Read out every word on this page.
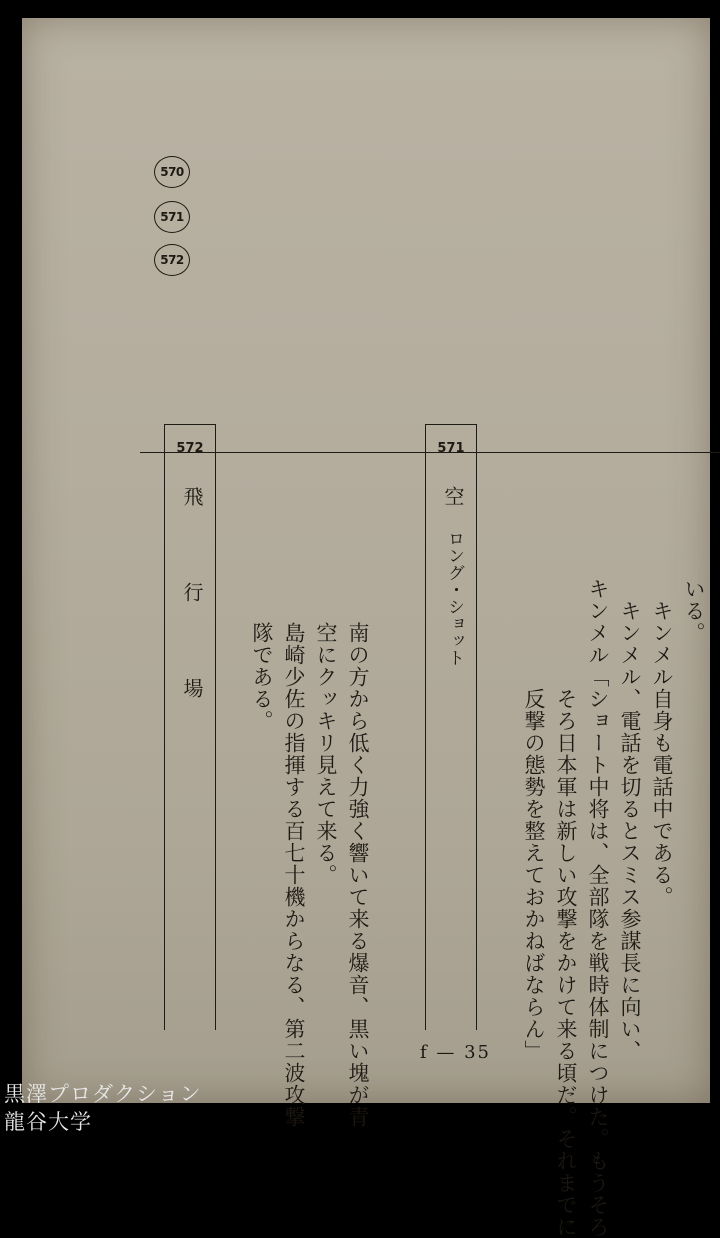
570
571
572
いる。
　キンメル自身も電話中である。
　キンメル、電話を切るとスミス参謀長に向い、
キンメル「ショート中将は、全部隊を戦時体制につけた。もうそろ
　　　　　そろ日本軍は新しい攻撃をかけて来る頃だ。それまでに
　　　　　反撃の態勢を整えておかねばならん」
571
空
ロング・ショット
　南の方から低く力強く響いて来る爆音、黒い塊が青
　空にクッキリ見えて来る。
　島崎少佐の指揮する百七十機からなる、第二波攻撃
　隊である。
572
飛　行　場
f — 35
黒澤プロダクション
龍谷大学
